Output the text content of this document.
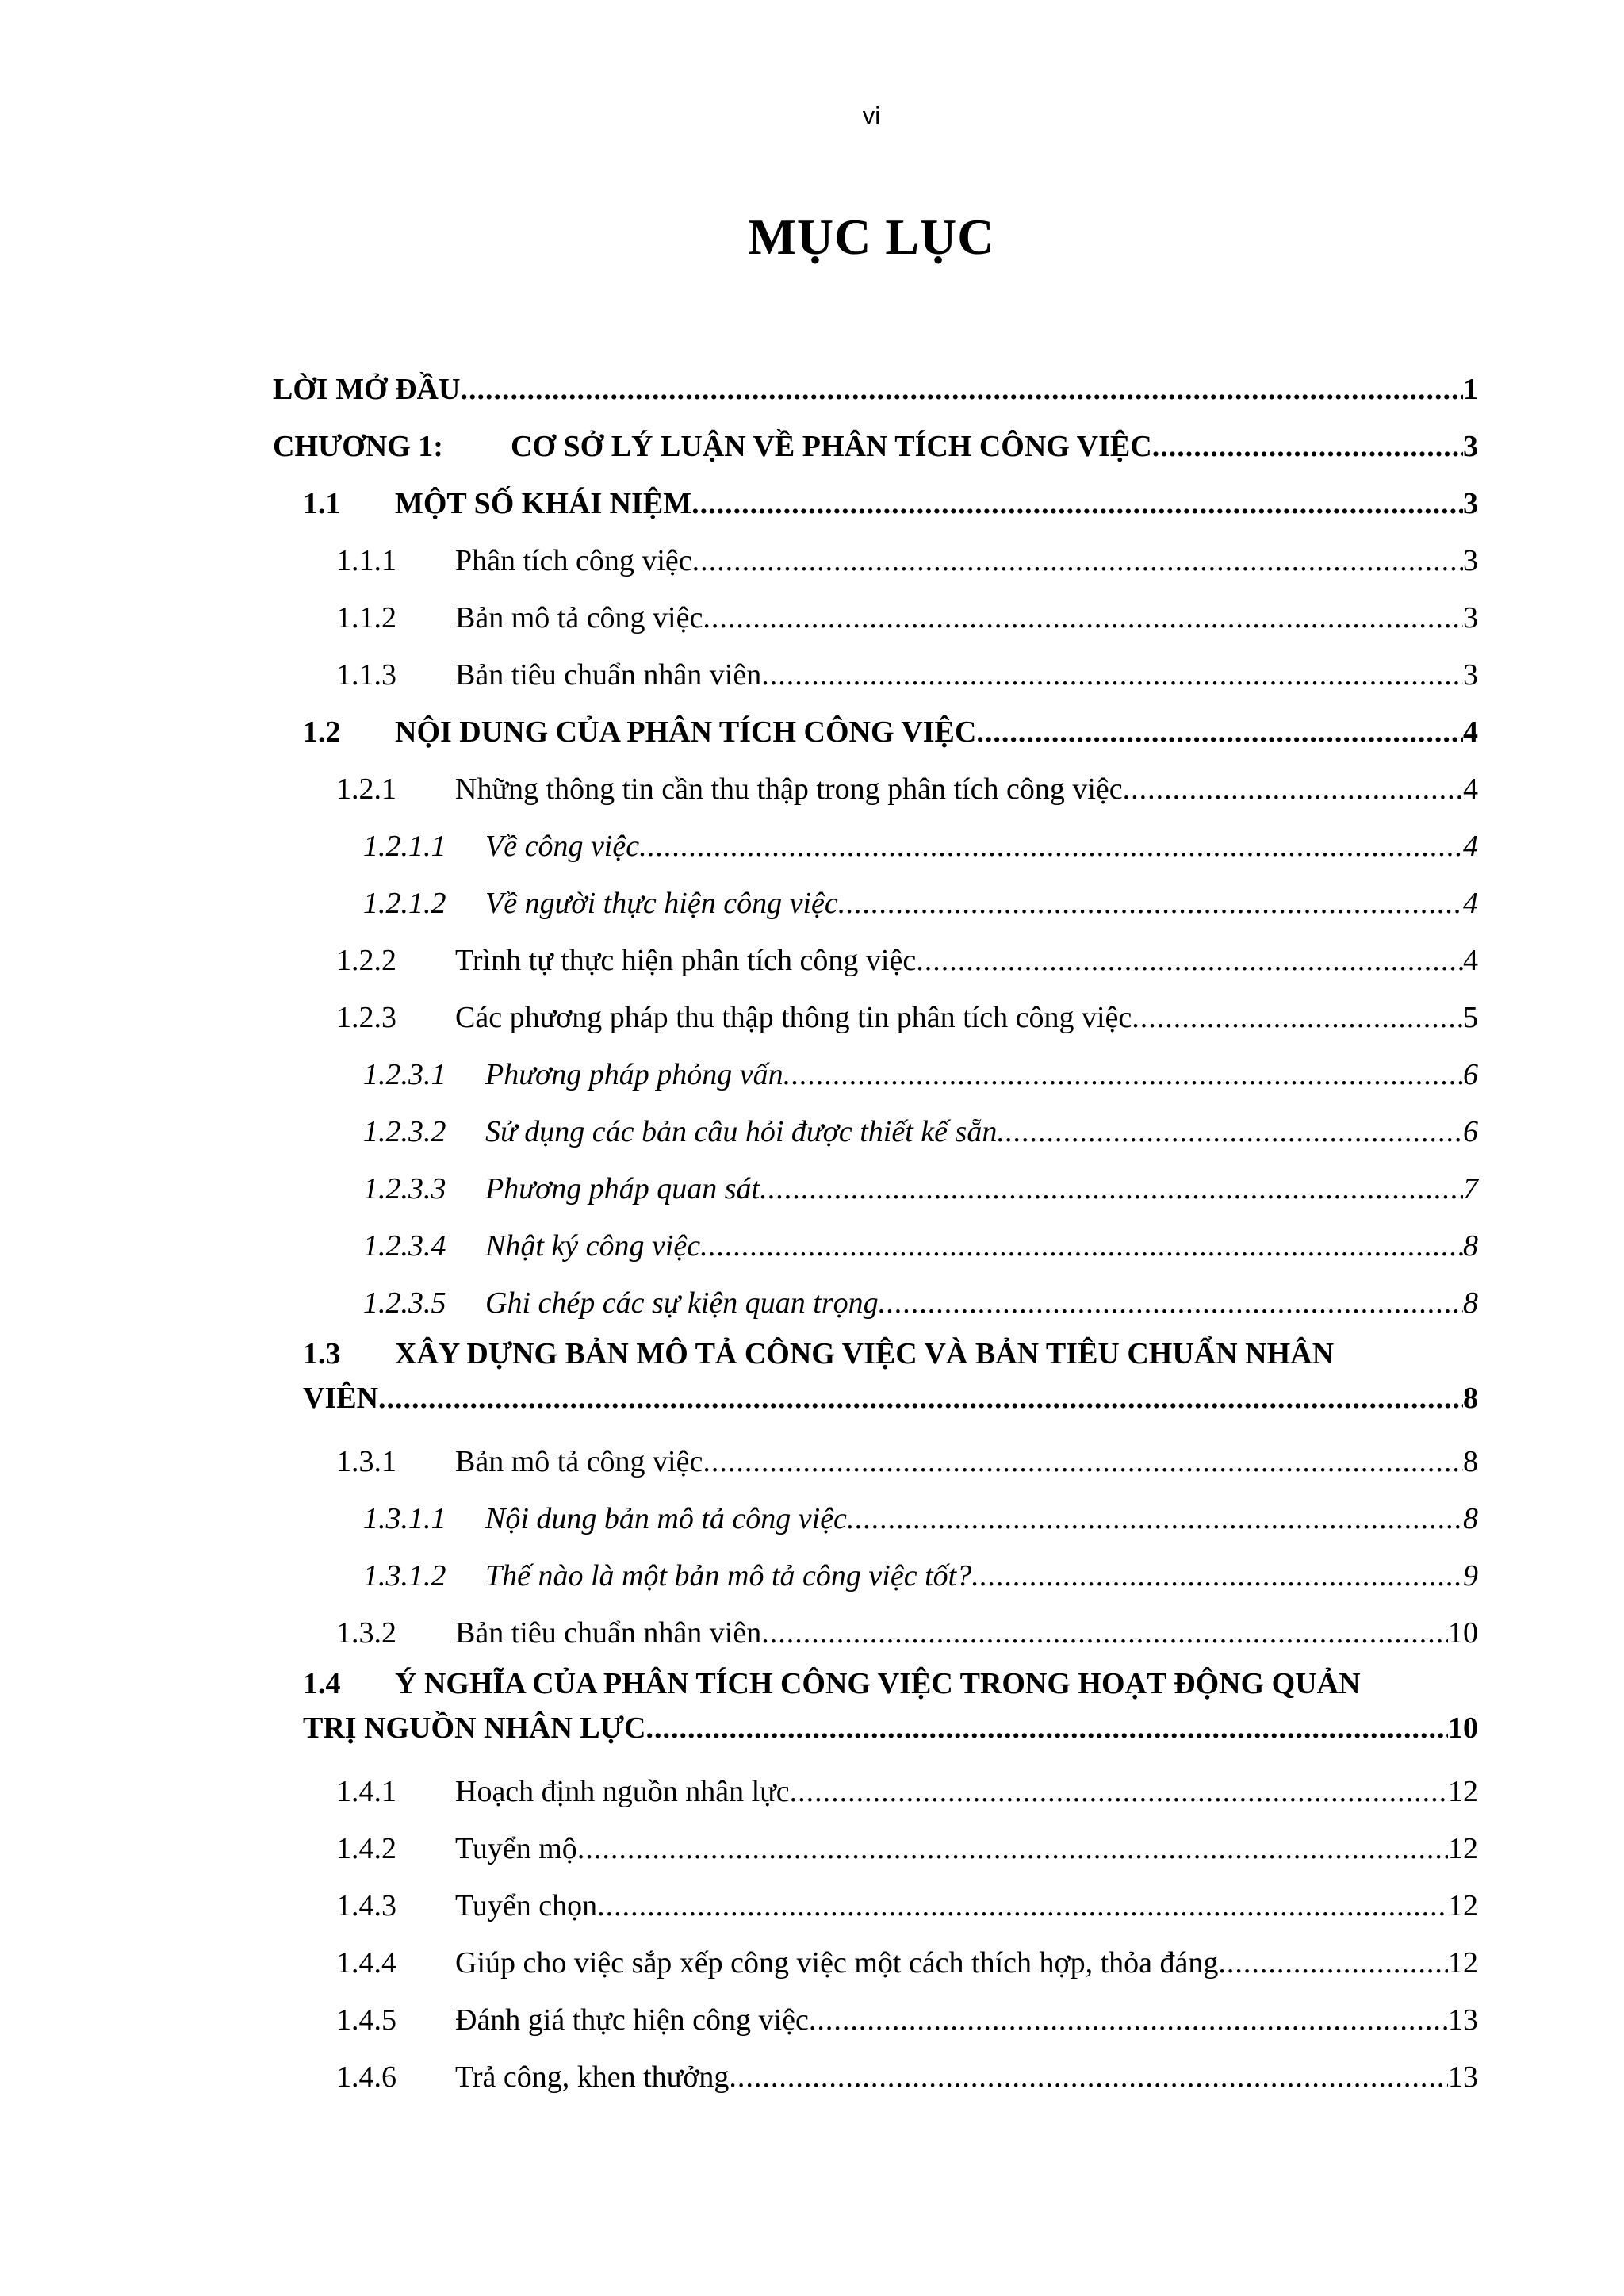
vi
MỤC LỤC
LỜI MỞ ĐẦU .....	1
CHƯƠNG 1:	CƠ SỞ LÝ LUẬN VỀ PHÂN TÍCH CÔNG VIỆC .....	3
1.1	MỘT SỐ KHÁI NIỆM .....	3
1.1.1	Phân tích công việc .....	3
1.1.2	Bản mô tả công việc .....	3
1.1.3	Bản tiêu chuẩn nhân viên .....	3
1.2	NỘI DUNG CỦA PHÂN TÍCH CÔNG VIỆC .....	4
1.2.1	Những thông tin cần thu thập trong phân tích công việc .....	4
1.2.1.1	Về công việc .....	4
1.2.1.2	Về người thực hiện công việc .....	4
1.2.2	Trình tự thực hiện phân tích công việc .....	4
1.2.3	Các phương pháp thu thập thông tin phân tích công việc .....	5
1.2.3.1	Phương pháp phỏng vấn .....	6
1.2.3.2	Sử dụng các bản câu hỏi được thiết kế sẵn .....	6
1.2.3.3	Phương pháp quan sát .....	7
1.2.3.4	Nhật ký công việc .....	8
1.2.3.5	Ghi chép các sự kiện quan trọng .....	8
1.3	XÂY DỰNG BẢN MÔ TẢ CÔNG VIỆC VÀ BẢN TIÊU CHUẨN NHÂN
VIÊN .....	8
1.3.1	Bản mô tả công việc .....	8
1.3.1.1	Nội dung bản mô tả công việc .....	8
1.3.1.2	Thế nào là một bản mô tả công việc tốt? .....	9
1.3.2	Bản tiêu chuẩn nhân viên .....	10
1.4	Ý NGHĨA CỦA PHÂN TÍCH CÔNG VIỆC TRONG HOẠT ĐỘNG QUẢN
TRỊ NGUỒN NHÂN LỰC .....	10
1.4.1	Hoạch định nguồn nhân lực .....	12
1.4.2	Tuyển mộ .....	12
1.4.3	Tuyển chọn .....	12
1.4.4	Giúp cho việc sắp xếp công việc một cách thích hợp, thỏa đáng .....	12
1.4.5	Đánh giá thực hiện công việc .....	13
1.4.6	Trả công, khen thưởng .....	13
